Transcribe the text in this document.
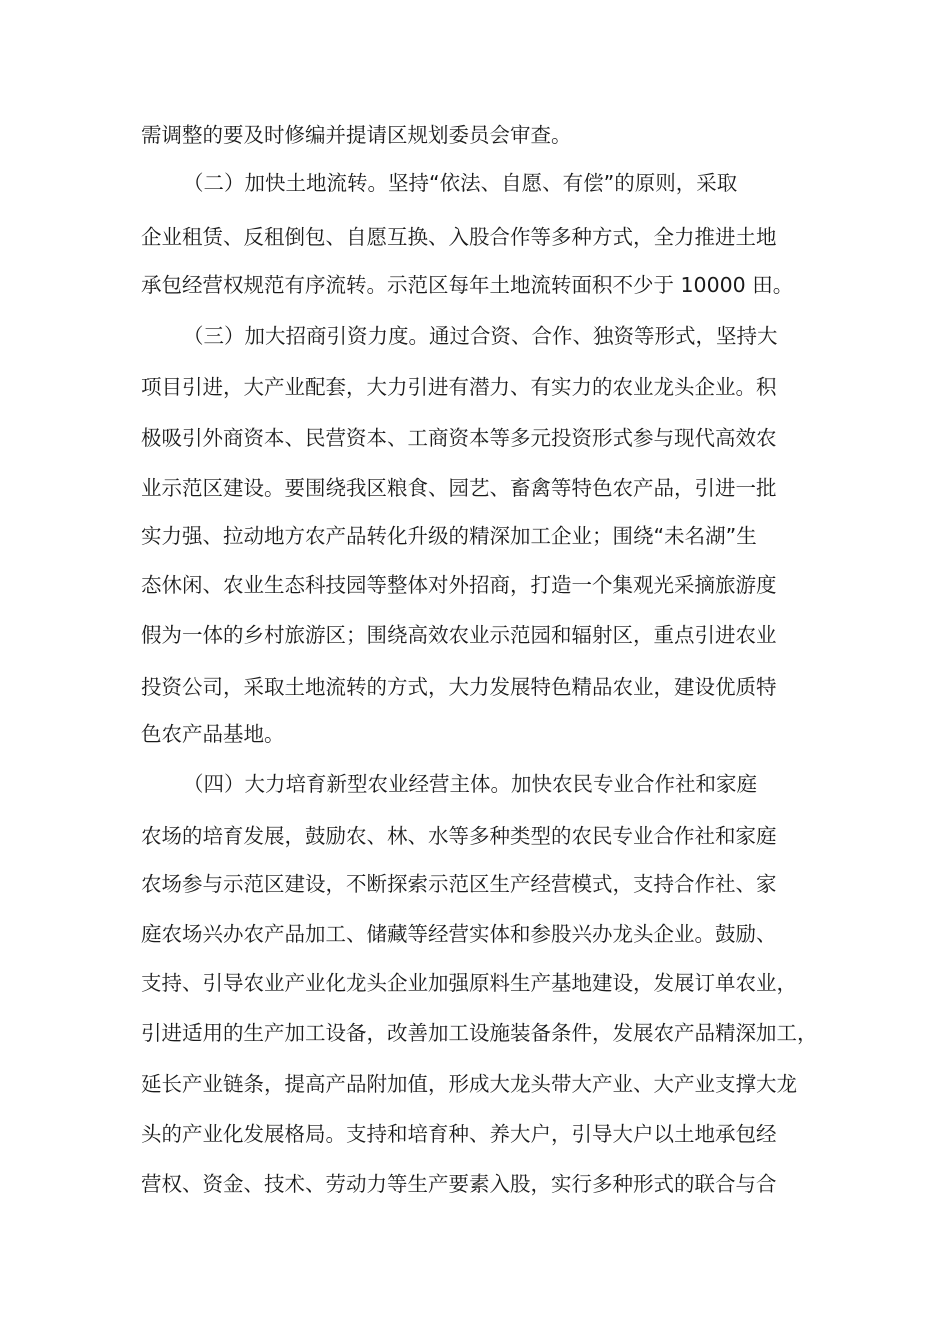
需调整的要及时修编并提请区规划委员会审查。

（二）加快土地流转。坚持“依法、自愿、有偿”的原则，采取

企业租赁、反租倒包、自愿互换、入股合作等多种方式，全力推进土地

承包经营权规范有序流转。示范区每年土地流转面积不少于 10000 田。

（三）加大招商引资力度。通过合资、合作、独资等形式，坚持大

项目引进，大产业配套，大力引进有潜力、有实力的农业龙头企业。积

极吸引外商资本、民营资本、工商资本等多元投资形式参与现代高效农

业示范区建设。要围绕我区粮食、园艺、畜禽等特色农产品，引进一批

实力强、拉动地方农产品转化升级的精深加工企业；围绕“未名湖”生

态休闲、农业生态科技园等整体对外招商，打造一个集观光采摘旅游度

假为一体的乡村旅游区；围绕高效农业示范园和辐射区，重点引进农业

投资公司，采取土地流转的方式，大力发展特色精品农业，建设优质特

色农产品基地。

（四）大力培育新型农业经营主体。加快农民专业合作社和家庭

农场的培育发展，鼓励农、林、水等多种类型的农民专业合作社和家庭

农场参与示范区建设，不断探索示范区生产经营模式，支持合作社、家

庭农场兴办农产品加工、储藏等经营实体和参股兴办龙头企业。鼓励、

支持、引导农业产业化龙头企业加强原料生产基地建设，发展订单农业，

引进适用的生产加工设备，改善加工设施装备条件，发展农产品精深加工，

延长产业链条，提高产品附加值，形成大龙头带大产业、大产业支撑大龙

头的产业化发展格局。支持和培育种、养大户，引导大户以土地承包经

营权、资金、技术、劳动力等生产要素入股，实行多种形式的联合与合
